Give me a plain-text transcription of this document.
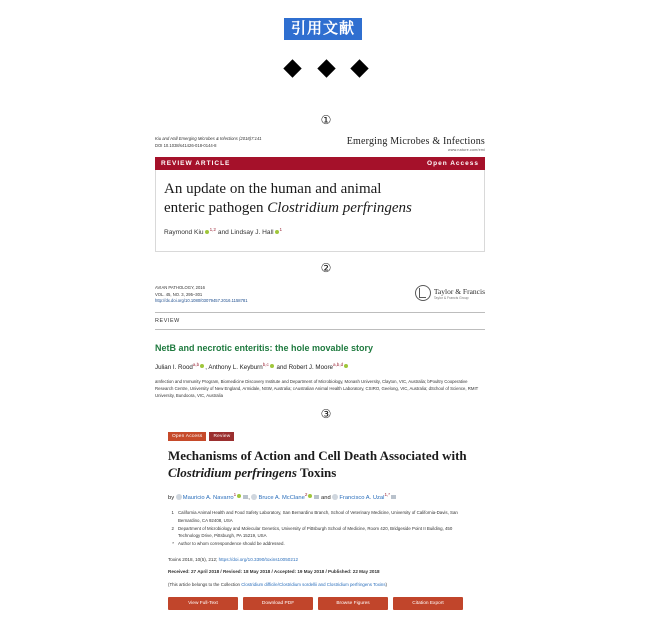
引用文献
①
Kiu and Hall Emerging Microbes & Infections (2018)7:141
DOI 10.1038/s41426-018-0144-8	Emerging Microbes & Infections
www.nature.com/emi
REVIEW ARTICLE	Open Access
An update on the human and animal
enteric pathogen Clostridium perfringens
Raymond Kiu $^{1,2}$ and Lindsay J. Hall $^1$
②
AVIAN PATHOLOGY, 2016
VOL. 45, NO. 3, 295–301
http://dx.doi.org/10.1080/03079457.2016.1158781
Taylor & Francis
Taylor & Francis Group
REVIEW
NetB and necrotic enteritis: the hole movable story
Julian I. Rood$^{a,b}$ , Anthony L. Keyburn$^{b,c}$ and Robert J. Moore$^{a,b,d}$
aInfection and Immunity Program, Biomedicine Discovery Institute and Department of Microbiology, Monash University, Clayton, VIC, Australia; bPoultry Cooperative Research Centre, University of New England, Armidale, NSW, Australia; cAustralian Animal Health Laboratory, CSIRO, Geelong, VIC, Australia; dSchool of Science, RMIT University, Bundoora, VIC, Australia
③
Open Access	Review
Mechanisms of Action and Cell Death Associated with
Clostridium perfringens Toxins
by Mauricio A. Navarro$^1$, Bruce A. McClane$^2$ and Francisco A. Uzal$^{1,*}$
1 California Animal Health and Food Safety Laboratory, San Bernardino Branch, School of Veterinary Medicine, University of California-Davis, San Bernardino, CA 92408, USA
2 Department of Microbiology and Molecular Genetics, University of Pittsburgh School of Medicine, Room 420, Bridgeside Point II Building, 450 Technology Drive, Pittsburgh, PA 15219, USA
* Author to whom correspondence should be addressed.
Toxins 2018, 10(5), 212; https://doi.org/10.3390/toxins10050212
Received: 27 April 2018 / Revised: 18 May 2018 / Accepted: 19 May 2018 / Published: 22 May 2018
(This article belongs to the Collection Clostridium difficile/Clostridium sordellii and Clostridium perfringens Toxins)
View Full-Text	Download PDF	Browse Figures	Citation Export
